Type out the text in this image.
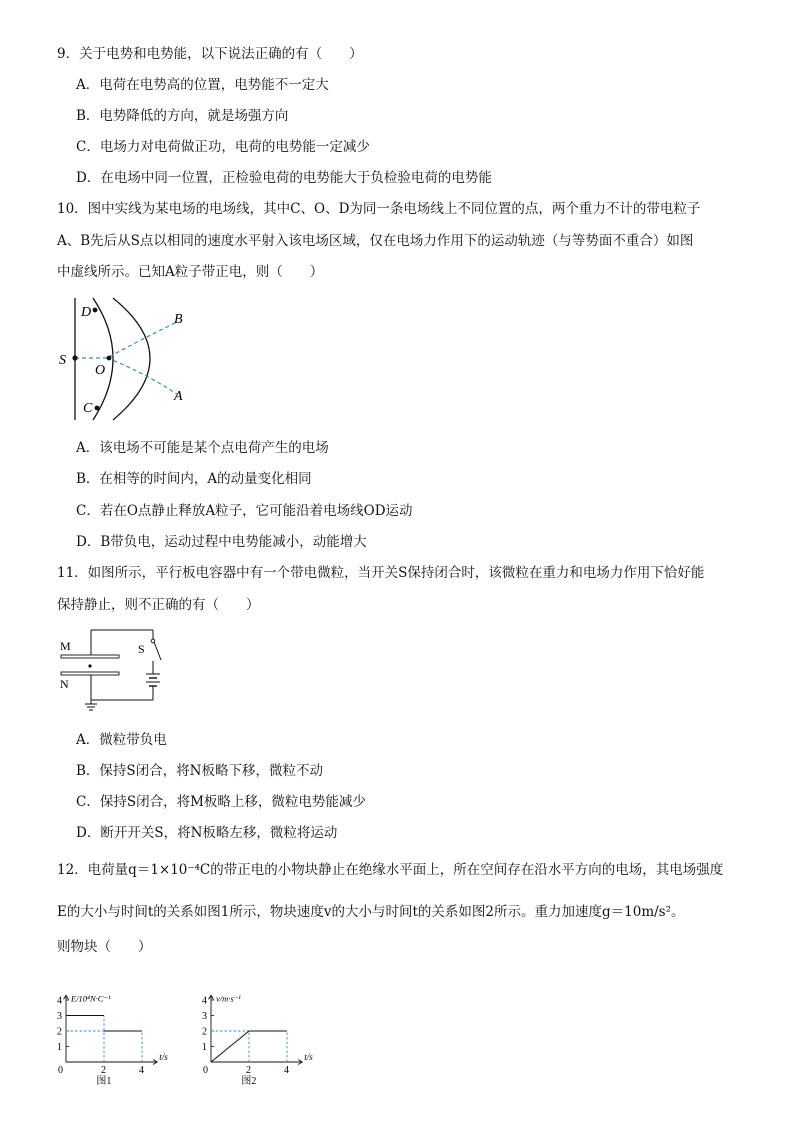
9．关于电势和电势能，以下说法正确的有（　　）
A．电荷在电势高的位置，电势能不一定大
B．电势降低的方向，就是场强方向
C．电场力对电荷做正功，电荷的电势能一定减少
D．在电场中同一位置，正检验电荷的电势能大于负检验电荷的电势能
10．图中实线为某电场的电场线，其中C、O、D为同一条电场线上不同位置的点，两个重力不计的带电粒子
A、B先后从S点以相同的速度水平射入该电场区域，仅在电场力作用下的运动轨迹（与等势面不重合）如图
中虚线所示。已知A粒子带正电，则（　　）
D
S
O
C
B
A
A．该电场不可能是某个点电荷产生的电场
B．在相等的时间内，A的动量变化相同
C．若在O点静止释放A粒子，它可能沿着电场线OD运动
D．B带负电，运动过程中电势能减小，动能增大
11．如图所示，平行板电容器中有一个带电微粒，当开关S保持闭合时，该微粒在重力和电场力作用下恰好能
保持静止，则不正确的有（　　）
M
N
S
A．微粒带负电
B．保持S闭合，将N板略下移，微粒不动
C．保持S闭合，将M板略上移，微粒电势能减少
D．断开开关S，将N板略左移，微粒将运动
12．电荷量q＝1×10⁻⁴C的带正电的小物块静止在绝缘水平面上，所在空间存在沿水平方向的电场，其电场强度
E的大小与时间t的关系如图1所示，物块速度v的大小与时间t的关系如图2所示。重力加速度g＝10m/s²。
则物块（　　）
1
2
3
4
0	2	4
E/10⁴N·C⁻¹
t/s
图1
1
2
3
4
0	2	4
v/m·s⁻¹
t/s
图2
